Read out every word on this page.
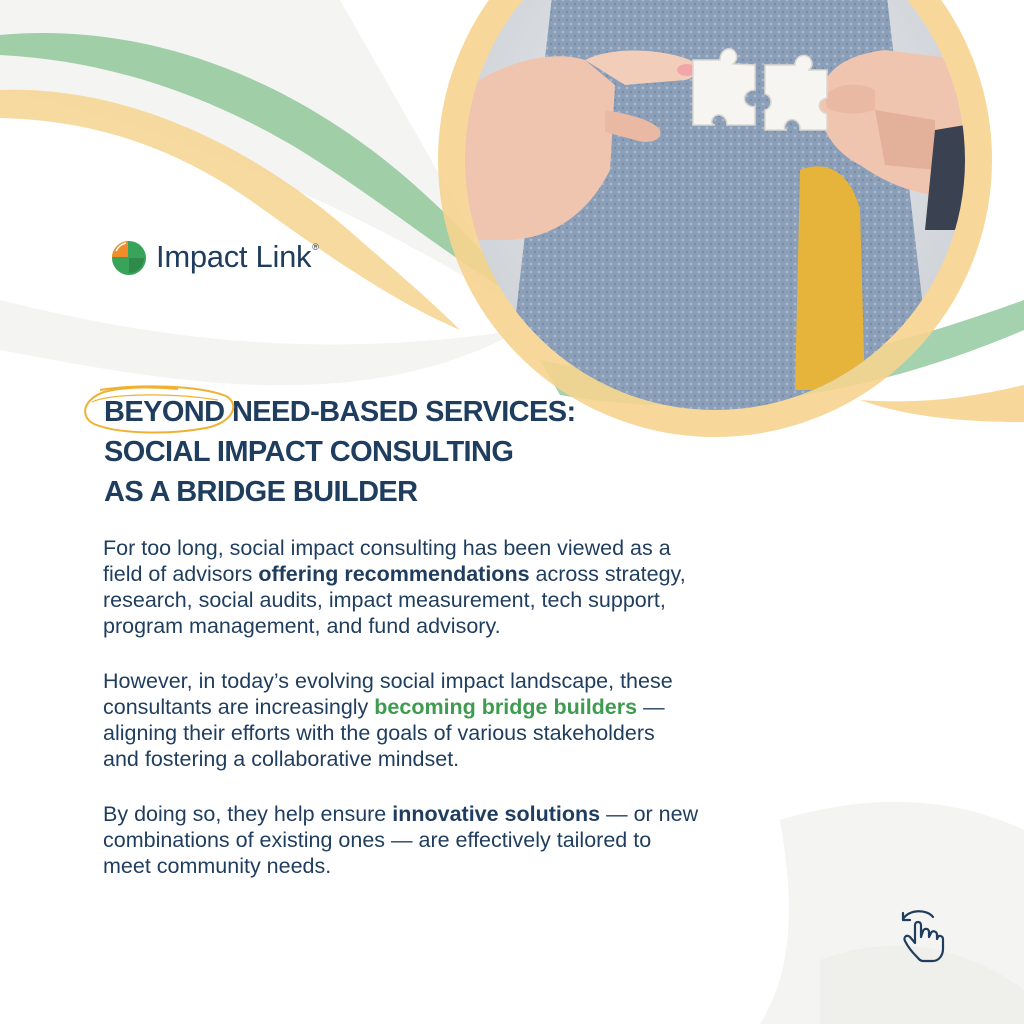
Impact Link ®
BEYOND NEED-BASED SERVICES:
SOCIAL IMPACT CONSULTING
AS A BRIDGE BUILDER

For too long, social impact consulting has been viewed as a
field of advisors offering recommendations across strategy,
research, social audits, impact measurement, tech support,
program management, and fund advisory.

However, in today’s evolving social impact landscape, these
consultants are increasingly becoming bridge builders —
aligning their efforts with the goals of various stakeholders
and fostering a collaborative mindset.

By doing so, they help ensure innovative solutions — or new
combinations of existing ones — are effectively tailored to
meet community needs.
